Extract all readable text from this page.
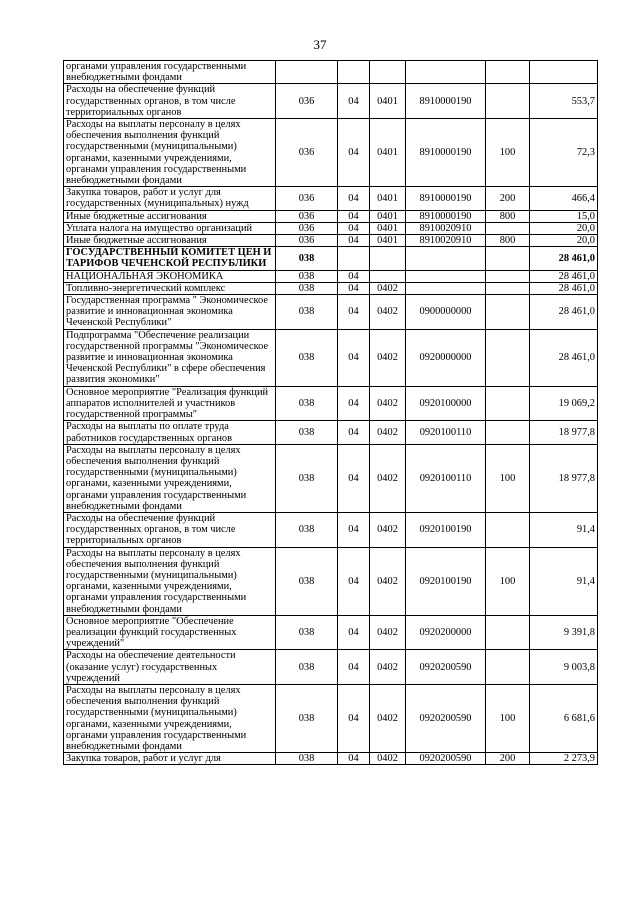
37
органами управления государственными внебюджетными фондами						
Расходы на обеспечение функций государственных органов, в том числе территориальных органов	036	04	0401	8910000190		553,7
Расходы на выплаты персоналу в целях обеспечения выполнения функций государственными (муниципальными) органами, казенными учреждениями, органами управления государственными внебюджетными фондами	036	04	0401	8910000190	100	72,3
Закупка товаров, работ и услуг для государственных (муниципальных) нужд	036	04	0401	8910000190	200	466,4
Иные бюджетные ассигнования	036	04	0401	8910000190	800	15,0
Уплата налога на имущество организаций	036	04	0401	8910020910		20,0
Иные бюджетные ассигнования	036	04	0401	8910020910	800	20,0
ГОСУДАРСТВЕННЫЙ КОМИТЕТ ЦЕН И ТАРИФОВ ЧЕЧЕНСКОЙ РЕСПУБЛИКИ	038					28 461,0
НАЦИОНАЛЬНАЯ ЭКОНОМИКА	038	04				28 461,0
Топливно-энергетический комплекс	038	04	0402			28 461,0
Государственная программа " Экономическое развитие и инновационная экономика Чеченской Республики"	038	04	0402	0900000000		28 461,0
Подпрограмма "Обеспечение реализации государственной программы "Экономическое развитие и инновационная экономика Чеченской Республики" в сфере обеспечения развития экономики"	038	04	0402	0920000000		28 461,0
Основное мероприятие "Реализация функций аппаратов исполнителей и участников государственной программы"	038	04	0402	0920100000		19 069,2
Расходы на выплаты по оплате труда работников государственных органов	038	04	0402	0920100110		18 977,8
Расходы на выплаты персоналу в целях обеспечения выполнения функций государственными (муниципальными) органами, казенными учреждениями, органами управления государственными внебюджетными фондами	038	04	0402	0920100110	100	18 977,8
Расходы на обеспечение функций государственных органов, в том числе территориальных органов	038	04	0402	0920100190		91,4
Расходы на выплаты персоналу в целях обеспечения выполнения функций государственными (муниципальными) органами, казенными учреждениями, органами управления государственными внебюджетными фондами	038	04	0402	0920100190	100	91,4
Основное мероприятие "Обеспечение реализации функций государственных учреждений"	038	04	0402	0920200000		9 391,8
Расходы на обеспечение деятельности (оказание услуг) государственных учреждений	038	04	0402	0920200590		9 003,8
Расходы на выплаты персоналу в целях обеспечения выполнения функций государственными (муниципальными) органами, казенными учреждениями, органами управления государственными внебюджетными фондами	038	04	0402	0920200590	100	6 681,6
Закупка товаров, работ и услуг для	038	04	0402	0920200590	200	2 273,9
